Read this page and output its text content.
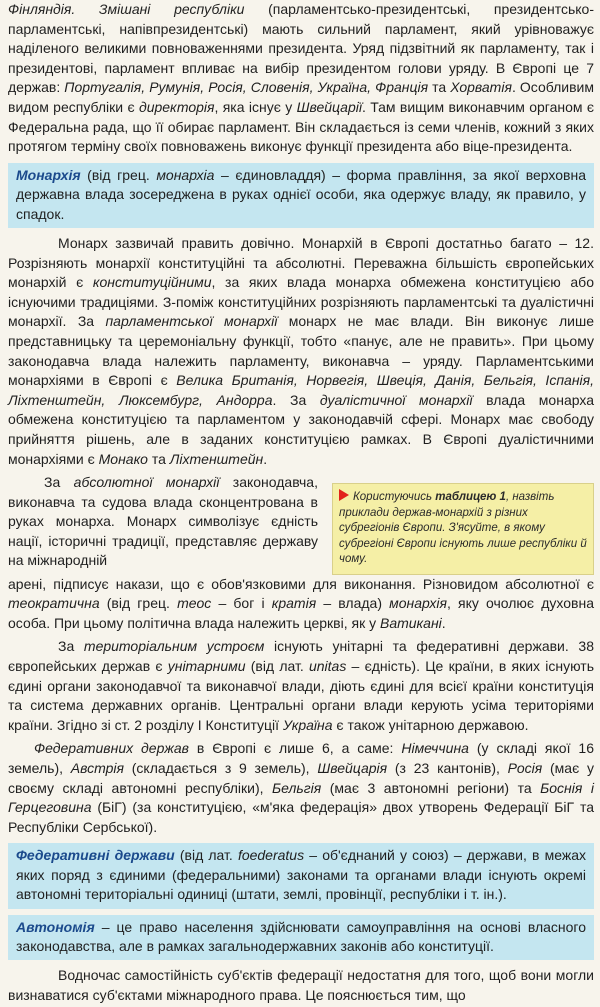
Фінляндія. Змішані республіки (парламентсько-президентські, президентсько-парламентські, напівпрезидентські) мають сильний парламент, який урівноважує наділеного великими повноваженнями президента. Уряд підзвітний як парламенту, так і президентові, парламент впливає на вибір президентом голови уряду. В Європі це 7 держав: Португалія, Румунія, Росія, Словенія, Україна, Франція та Хорватія. Особливим видом республіки є директорія, яка існує у Швейцарії. Там вищим виконавчим органом є Федеральна рада, що її обирає парламент. Він складається із семи членів, кожний з яких протягом терміну своїх повноважень виконує функції президента або віце-президента.

Монархія (від грец. монархіа – єдиновладдя) – форма правління, за якої верховна державна влада зосереджена в руках однієї особи, яка одержує владу, як правило, у спадок.

Монарх зазвичай править довічно. Монархій в Європі достатньо багато – 12. Розрізняють монархії конституційні та абсолютні. Переважна більшість європейських монархій є конституційними, за яких влада монарха обмежена конституцією або існуючими традиціями. З-поміж конституційних розрізняють парламентські та дуалістичні монархії. За парламентської монархії монарх не має влади. Він виконує лише представницьку та церемоніальну функції, тобто «панує, але не править». При цьому законодавча влада належить парламенту, виконавча – уряду. Парламентськими монархіями в Європі є Велика Британія, Норвегія, Швеція, Данія, Бельгія, Іспанія, Ліхтенштейн, Люксембург, Андорра. За дуалістичної монархії влада монарха обмежена конституцією та парламентом у законодавчій сфері. Монарх має свободу прийняття рішень, але в заданих конституцією рамках. В Європі дуалістичними монархіями є Монако та Ліхтенштейн.

За абсолютної монархії законодавча, виконавча та судова влада сконцентрована в руках монарха. Монарх символізує єдність нації, історичні традиції, представляє державу на міжнародній

Користуючись таблицею 1, назвіть приклади держав-монархій з різних субрегіонів Європи. З'ясуйте, в якому субрегіоні Європи існують лише республіки й чому.

арені, підписує накази, що є обов'язковими для виконання. Різновидом абсолютної є теократична (від грец. теос – бог і кратія – влада) монархія, яку очолює духовна особа. При цьому політична влада належить церкві, як у Ватикані.

За територіальним устроєм існують унітарні та федеративні держави. 38 європейських держав є унітарними (від лат. unitas – єдність). Це країни, в яких існують єдині органи законодавчої та виконавчої влади, діють єдині для всієї країни конституція та система державних органів. Центральні органи влади керують усіма територіями країни. Згідно зі ст. 2 розділу І Конституції Україна є також унітарною державою.

Федеративних держав в Європі є лише 6, а саме: Німеччина (у складі якої 16 земель), Австрія (складається з 9 земель), Швейцарія (з 23 кантонів), Росія (має у своєму складі автономні республіки), Бельгія (має 3 автономні регіони) та Боснія і Герцеговина (БіГ) (за конституцією, «м'яка федерація» двох утворень Федерації БіГ та Республіки Сербської).

Федеративні держави (від лат. foederatus – об'єднаний у союз) – держави, в межах яких поряд з єдиними (федеральними) законами та органами влади існують окремі автономні територіальні одиниці (штати, землі, провінції, республіки і т. ін.).
Автономія – це право населення здійснювати самоуправління на основі власного законодавства, але в рамках загальнодержавних законів або конституції.

Водночас самостійність суб'єктів федерації недостатня для того, щоб вони могли визнаватися суб'єктами міжнародного права. Це пояснюється тим, що
